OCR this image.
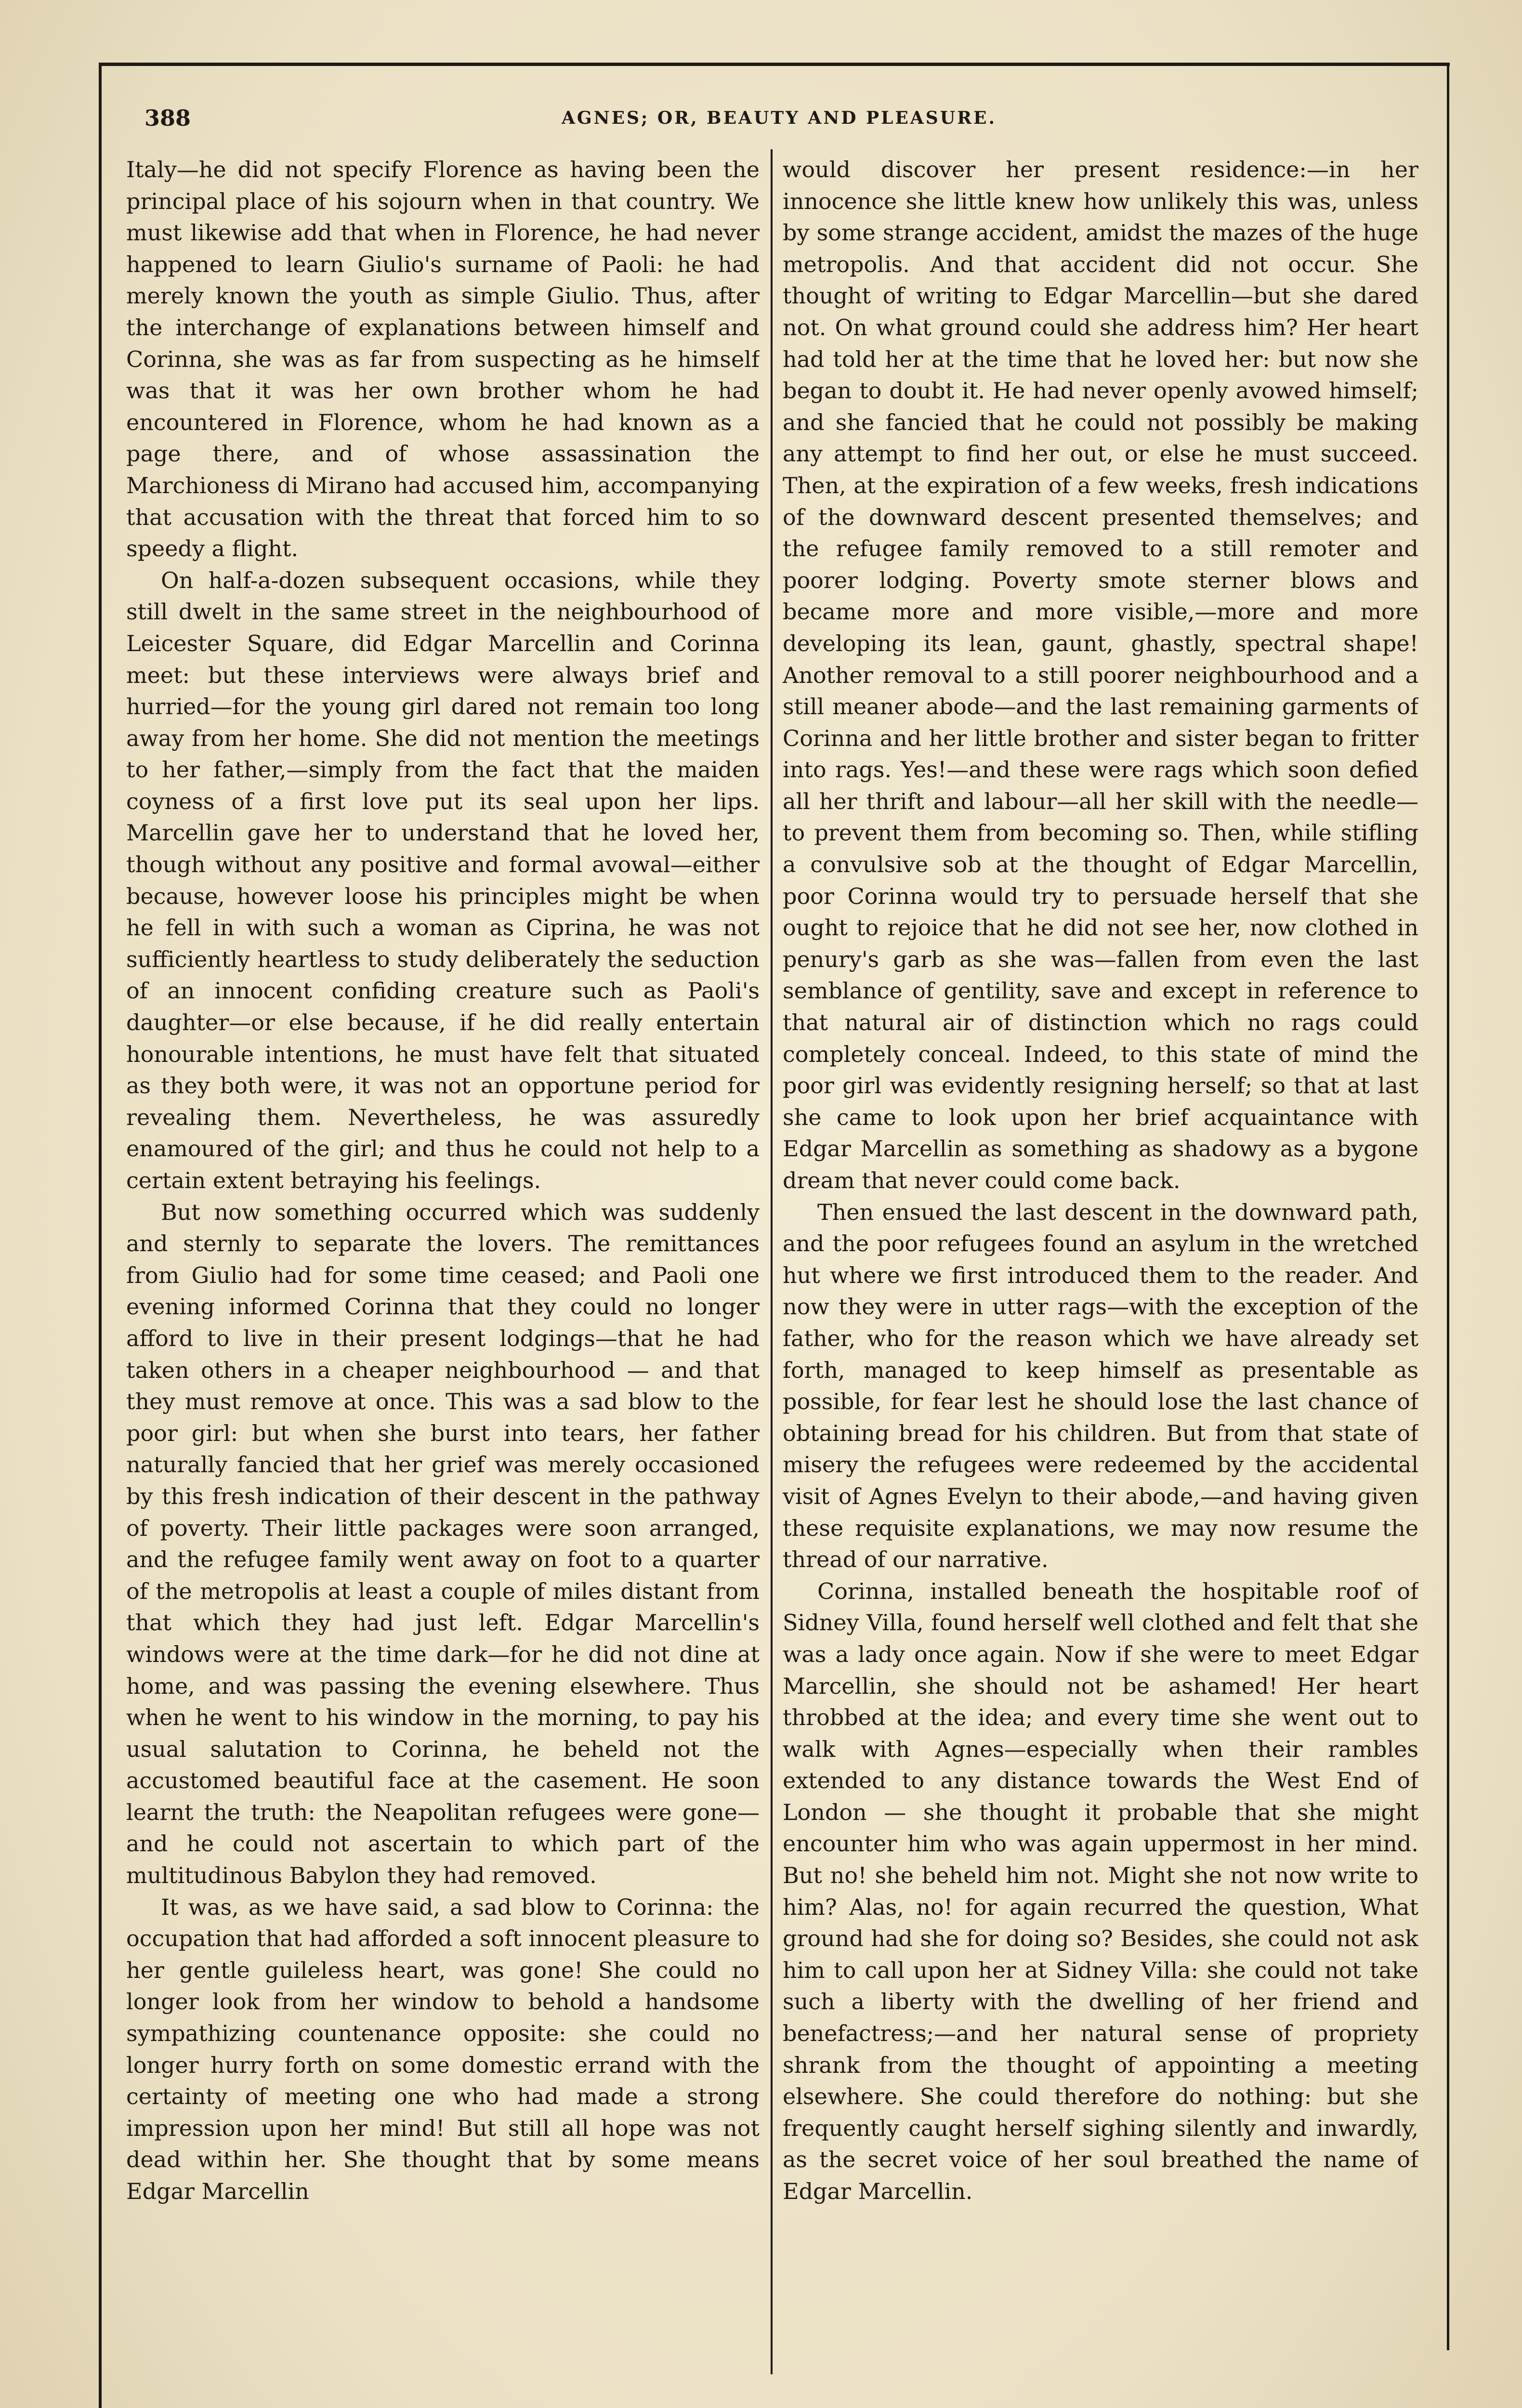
388	AGNES; OR, BEAUTY AND PLEASURE.

Italy—he did not specify Florence as having been the principal place of his sojourn when in that country. We must likewise add that when in Florence, he had never happened to learn Giulio's surname of Paoli: he had merely known the youth as simple Giulio. Thus, after the interchange of explanations between himself and Corinna, she was as far from suspecting as he himself was that it was her own brother whom he had encountered in Florence, whom he had known as a page there, and of whose assassination the Marchioness di Mirano had accused him, accompanying that accusation with the threat that forced him to so speedy a flight.

On half-a-dozen subsequent occasions, while they still dwelt in the same street in the neighbourhood of Leicester Square, did Edgar Marcellin and Corinna meet: but these interviews were always brief and hurried—for the young girl dared not remain too long away from her home. She did not mention the meetings to her father,—simply from the fact that the maiden coyness of a first love put its seal upon her lips. Marcellin gave her to understand that he loved her, though without any positive and formal avowal—either because, however loose his principles might be when he fell in with such a woman as Ciprina, he was not sufficiently heartless to study deliberately the seduction of an innocent confiding creature such as Paoli's daughter—or else because, if he did really entertain honourable intentions, he must have felt that situated as they both were, it was not an opportune period for revealing them. Nevertheless, he was assuredly enamoured of the girl; and thus he could not help to a certain extent betraying his feelings.

But now something occurred which was suddenly and sternly to separate the lovers. The remittances from Giulio had for some time ceased; and Paoli one evening informed Corinna that they could no longer afford to live in their present lodgings—that he had taken others in a cheaper neighbourhood — and that they must remove at once. This was a sad blow to the poor girl: but when she burst into tears, her father naturally fancied that her grief was merely occasioned by this fresh indication of their descent in the pathway of poverty. Their little packages were soon arranged, and the refugee family went away on foot to a quarter of the metropolis at least a couple of miles distant from that which they had just left. Edgar Marcellin's windows were at the time dark—for he did not dine at home, and was passing the evening elsewhere. Thus when he went to his window in the morning, to pay his usual salutation to Corinna, he beheld not the accustomed beautiful face at the casement. He soon learnt the truth: the Neapolitan refugees were gone—and he could not ascertain to which part of the multitudinous Babylon they had removed.

It was, as we have said, a sad blow to Corinna: the occupation that had afforded a soft innocent pleasure to her gentle guileless heart, was gone! She could no longer look from her window to behold a handsome sympathizing countenance opposite: she could no longer hurry forth on some domestic errand with the certainty of meeting one who had made a strong impression upon her mind! But still all hope was not dead within her. She thought that by some means Edgar Marcellin

would discover her present residence:—in her innocence she little knew how unlikely this was, unless by some strange accident, amidst the mazes of the huge metropolis. And that accident did not occur. She thought of writing to Edgar Marcellin—but she dared not. On what ground could she address him? Her heart had told her at the time that he loved her: but now she began to doubt it. He had never openly avowed himself; and she fancied that he could not possibly be making any attempt to find her out, or else he must succeed. Then, at the expiration of a few weeks, fresh indications of the downward descent presented themselves; and the refugee family removed to a still remoter and poorer lodging. Poverty smote sterner blows and became more and more visible,—more and more developing its lean, gaunt, ghastly, spectral shape! Another removal to a still poorer neighbourhood and a still meaner abode—and the last remaining garments of Corinna and her little brother and sister began to fritter into rags. Yes!—and these were rags which soon defied all her thrift and labour—all her skill with the needle—to prevent them from becoming so. Then, while stifling a convulsive sob at the thought of Edgar Marcellin, poor Corinna would try to persuade herself that she ought to rejoice that he did not see her, now clothed in penury's garb as she was—fallen from even the last semblance of gentility, save and except in reference to that natural air of distinction which no rags could completely conceal. Indeed, to this state of mind the poor girl was evidently resigning herself; so that at last she came to look upon her brief acquaintance with Edgar Marcellin as something as shadowy as a bygone dream that never could come back.

Then ensued the last descent in the downward path, and the poor refugees found an asylum in the wretched hut where we first introduced them to the reader. And now they were in utter rags—with the exception of the father, who for the reason which we have already set forth, managed to keep himself as presentable as possible, for fear lest he should lose the last chance of obtaining bread for his children. But from that state of misery the refugees were redeemed by the accidental visit of Agnes Evelyn to their abode,—and having given these requisite explanations, we may now resume the thread of our narrative.

Corinna, installed beneath the hospitable roof of Sidney Villa, found herself well clothed and felt that she was a lady once again. Now if she were to meet Edgar Marcellin, she should not be ashamed! Her heart throbbed at the idea; and every time she went out to walk with Agnes—especially when their rambles extended to any distance towards the West End of London — she thought it probable that she might encounter him who was again uppermost in her mind. But no! she beheld him not. Might she not now write to him? Alas, no! for again recurred the question, What ground had she for doing so? Besides, she could not ask him to call upon her at Sidney Villa: she could not take such a liberty with the dwelling of her friend and benefactress;—and her natural sense of propriety shrank from the thought of appointing a meeting elsewhere. She could therefore do nothing: but she frequently caught herself sighing silently and inwardly, as the secret voice of her soul breathed the name of Edgar Marcellin.
